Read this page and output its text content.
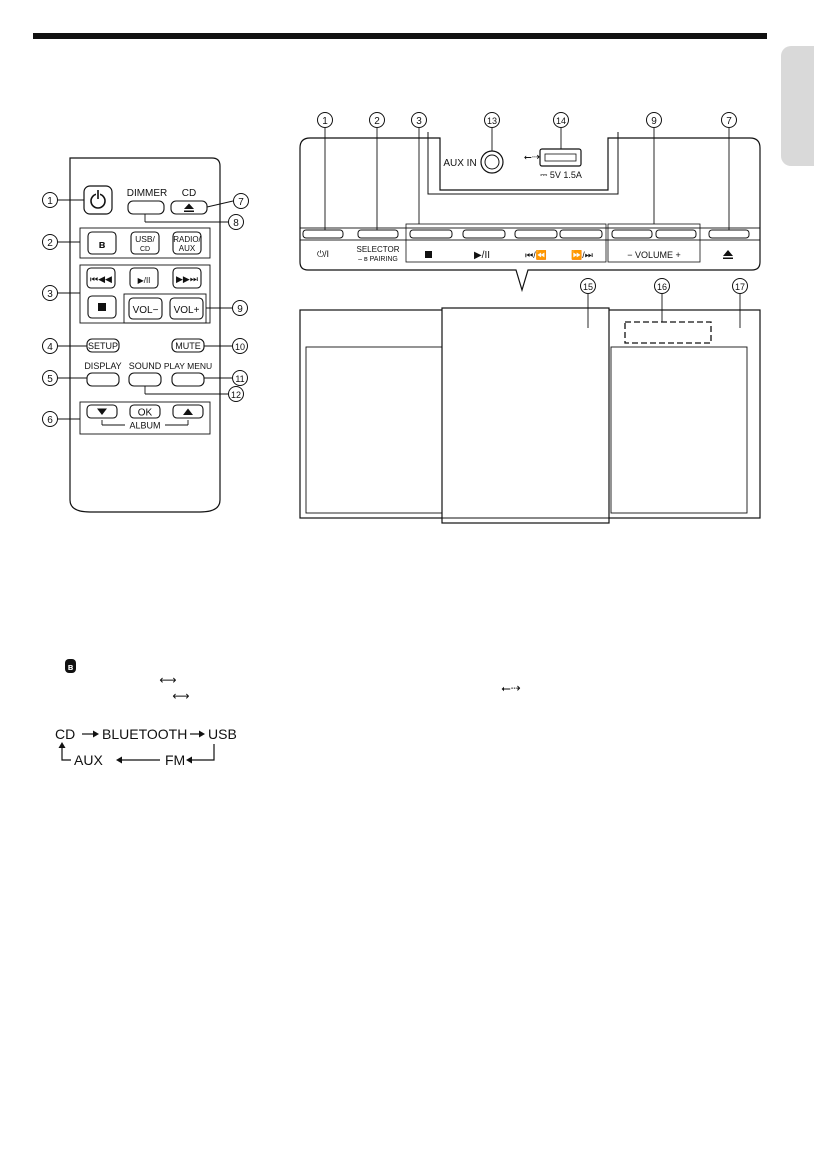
DIMMER CD
ʙ	USB/
CD
RADIO/
AUX
⏮◀◀	▶/II	▶▶⏭
VOL− VOL+
SETUP	MUTE
DISPLAY SOUND PLAY MENU
OK
ALBUM
1
2
3
4
5
6
7
8
9
10
11
12
AUX IN
⭠⇢
⎓ 5V 1.5A
⏻/I	SELECTOR
– ʙ PAIRING	▶/II	⏮/⏪	⏩/⏭	− VOLUME +
1	2	3	13	14	9	7
15	16	17
ʙ
⟷
⟷
⭠⇢
CD BLUETOOTH USB
FM
AUX
